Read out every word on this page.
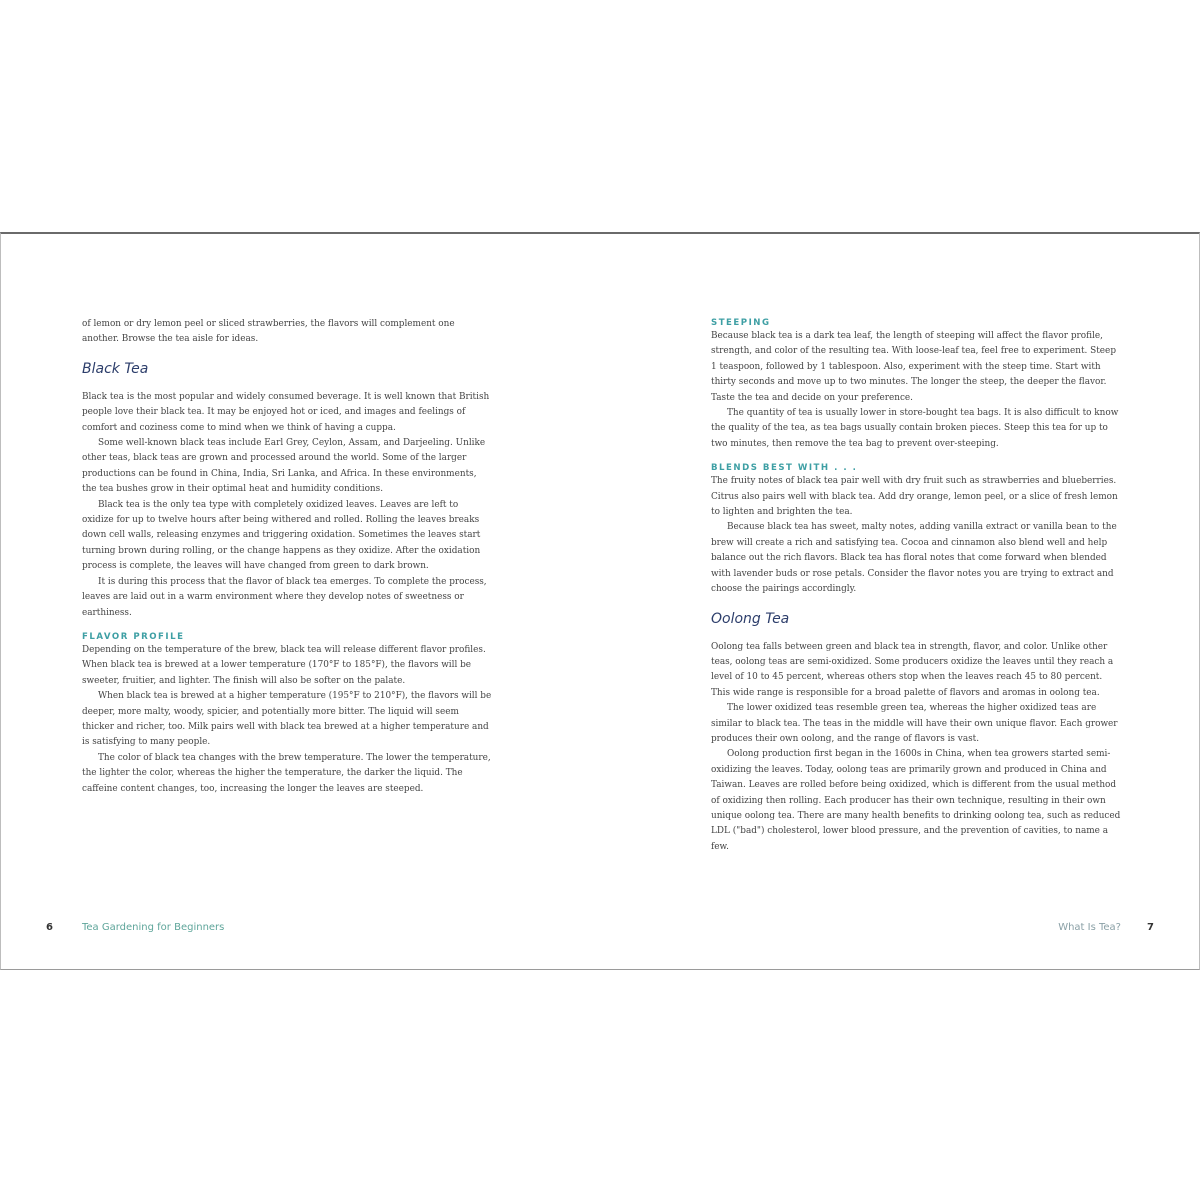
of lemon or dry lemon peel or sliced strawberries, the flavors will complement one another. Browse the tea aisle for ideas.

Black Tea

Black tea is the most popular and widely consumed beverage. It is well known that British people love their black tea. It may be enjoyed hot or iced, and images and feelings of comfort and coziness come to mind when we think of having a cuppa.

Some well-known black teas include Earl Grey, Ceylon, Assam, and Darjeeling. Unlike other teas, black teas are grown and processed around the world. Some of the larger productions can be found in China, India, Sri Lanka, and Africa. In these environments, the tea bushes grow in their optimal heat and humidity conditions.

Black tea is the only tea type with completely oxidized leaves. Leaves are left to oxidize for up to twelve hours after being withered and rolled. Rolling the leaves breaks down cell walls, releasing enzymes and triggering oxidation. Sometimes the leaves start turning brown during rolling, or the change happens as they oxidize. After the oxidation process is complete, the leaves will have changed from green to dark brown.

It is during this process that the flavor of black tea emerges. To complete the process, leaves are laid out in a warm environment where they develop notes of sweetness or earthiness.

FLAVOR PROFILE

Depending on the temperature of the brew, black tea will release different flavor profiles. When black tea is brewed at a lower temperature (170°F to 185°F), the flavors will be sweeter, fruitier, and lighter. The finish will also be softer on the palate.

When black tea is brewed at a higher temperature (195°F to 210°F), the flavors will be deeper, more malty, woody, spicier, and potentially more bitter. The liquid will seem thicker and richer, too. Milk pairs well with black tea brewed at a higher temperature and is satisfying to many people.

The color of black tea changes with the brew temperature. The lower the temperature, the lighter the color, whereas the higher the temperature, the darker the liquid. The caffeine content changes, too, increasing the longer the leaves are steeped.

STEEPING

Because black tea is a dark tea leaf, the length of steeping will affect the flavor profile, strength, and color of the resulting tea. With loose-leaf tea, feel free to experiment. Steep 1 teaspoon, followed by 1 tablespoon. Also, experiment with the steep time. Start with thirty seconds and move up to two minutes. The longer the steep, the deeper the flavor. Taste the tea and decide on your preference.

The quantity of tea is usually lower in store-bought tea bags. It is also difficult to know the quality of the tea, as tea bags usually contain broken pieces. Steep this tea for up to two minutes, then remove the tea bag to prevent over-steeping.

BLENDS BEST WITH . . .

The fruity notes of black tea pair well with dry fruit such as strawberries and blueberries. Citrus also pairs well with black tea. Add dry orange, lemon peel, or a slice of fresh lemon to lighten and brighten the tea.

Because black tea has sweet, malty notes, adding vanilla extract or vanilla bean to the brew will create a rich and satisfying tea. Cocoa and cinnamon also blend well and help balance out the rich flavors. Black tea has floral notes that come forward when blended with lavender buds or rose petals. Consider the flavor notes you are trying to extract and choose the pairings accordingly.

Oolong Tea

Oolong tea falls between green and black tea in strength, flavor, and color. Unlike other teas, oolong teas are semi-oxidized. Some producers oxidize the leaves until they reach a level of 10 to 45 percent, whereas others stop when the leaves reach 45 to 80 percent. This wide range is responsible for a broad palette of flavors and aromas in oolong tea.

The lower oxidized teas resemble green tea, whereas the higher oxidized teas are similar to black tea. The teas in the middle will have their own unique flavor. Each grower produces their own oolong, and the range of flavors is vast.

Oolong production first began in the 1600s in China, when tea growers started semi-oxidizing the leaves. Today, oolong teas are primarily grown and produced in China and Taiwan. Leaves are rolled before being oxidized, which is different from the usual method of oxidizing then rolling. Each producer has their own technique, resulting in their own unique oolong tea. There are many health benefits to drinking oolong tea, such as reduced LDL ("bad") cholesterol, lower blood pressure, and the prevention of cavities, to name a few.

6	Tea Gardening for Beginners	What Is Tea?	7
